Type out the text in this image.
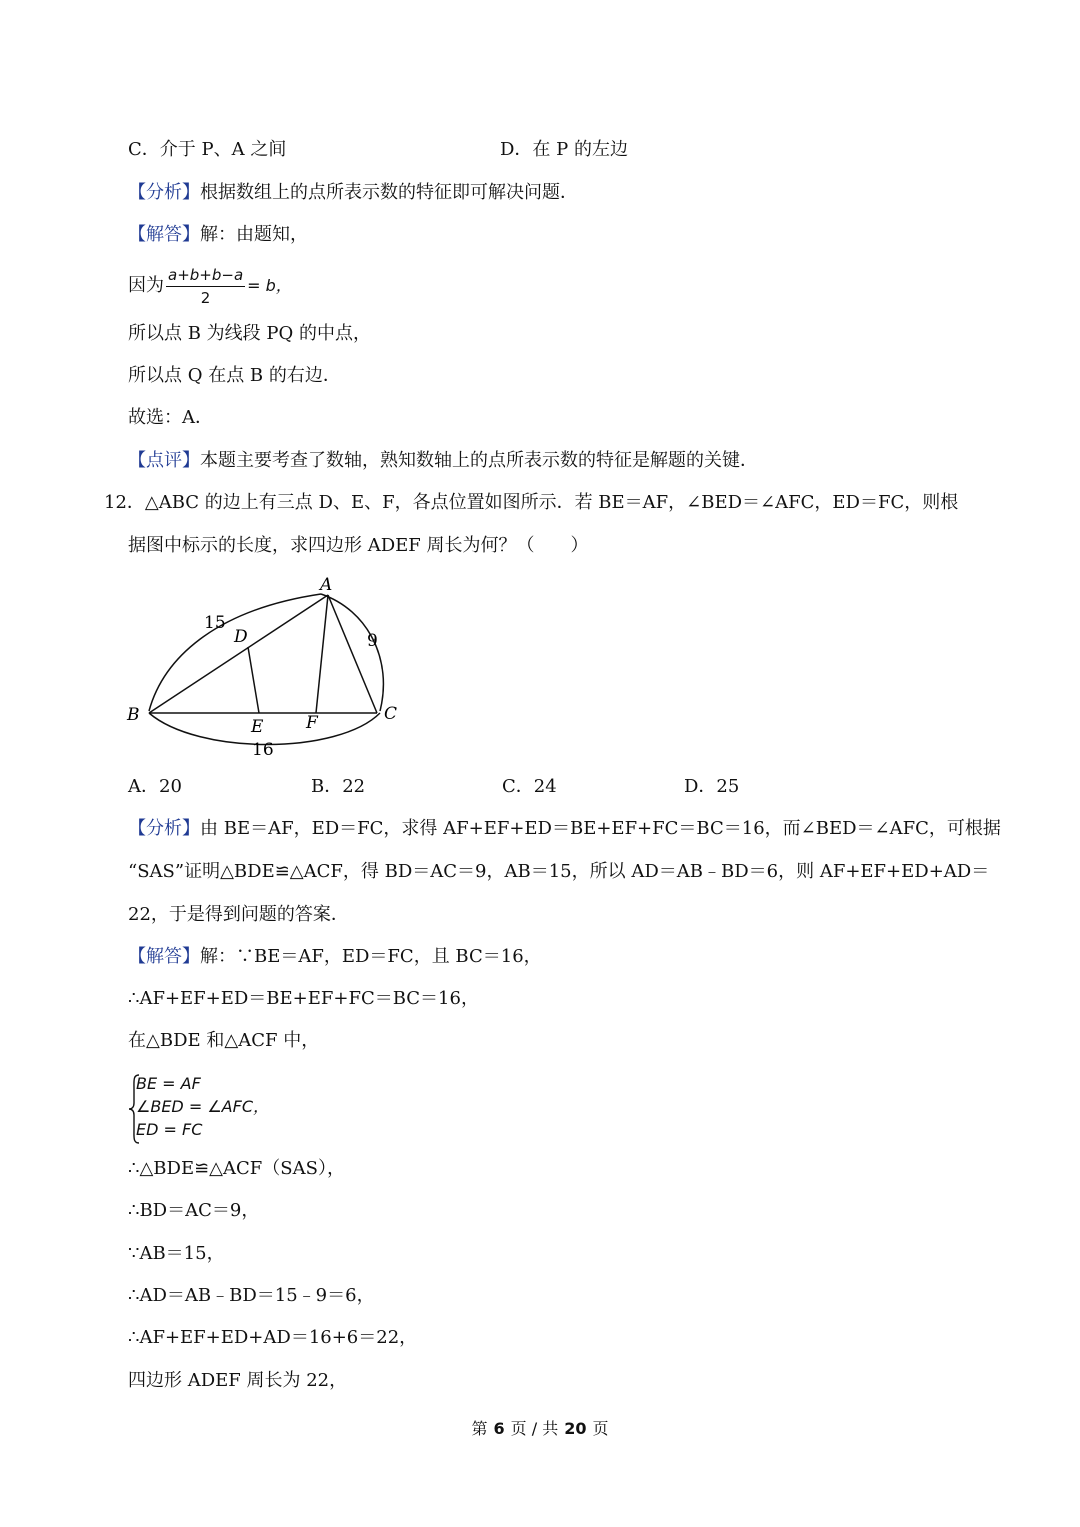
C．介于 P、A 之间	D．在 P 的左边
【分析】根据数组上的点所表示数的特征即可解决问题．
【解答】解：由题知，
因为 $\frac{a+b+b-a}{2} = b$，
所以点 B 为线段 PQ 的中点，
所以点 Q 在点 B 的右边．
故选：A．
【点评】本题主要考查了数轴，熟知数轴上的点所表示数的特征是解题的关键．
12．△ABC 的边上有三点 D、E、F，各点位置如图所示．若 BE＝AF，∠BED＝∠AFC，ED＝FC，则根
据图中标示的长度，求四边形 ADEF 周长为何？（　　）
A
B	C
D
E	F
15
9
16
A．20	B．22	C．24	D．25
【分析】由 BE＝AF，ED＝FC，求得 AF+EF+ED＝BE+EF+FC＝BC＝16，而∠BED＝∠AFC，可根据
“SAS”证明△BDE≌△ACF，得 BD＝AC＝9，AB＝15，所以 AD＝AB﹣BD＝6，则 AF+EF+ED+AD＝
22，于是得到问题的答案．
【解答】解：∵BE＝AF，ED＝FC，且 BC＝16，
∴AF+EF+ED＝BE+EF+FC＝BC＝16，
在△BDE 和△ACF 中，
BE = AF
∠BED = ∠AFC，
ED = FC
∴△BDE≌△ACF（SAS），
∴BD＝AC＝9，
∵AB＝15，
∴AD＝AB﹣BD＝15﹣9＝6，
∴AF+EF+ED+AD＝16+6＝22，
四边形 ADEF 周长为 22，
第 6 页 / 共 20 页
